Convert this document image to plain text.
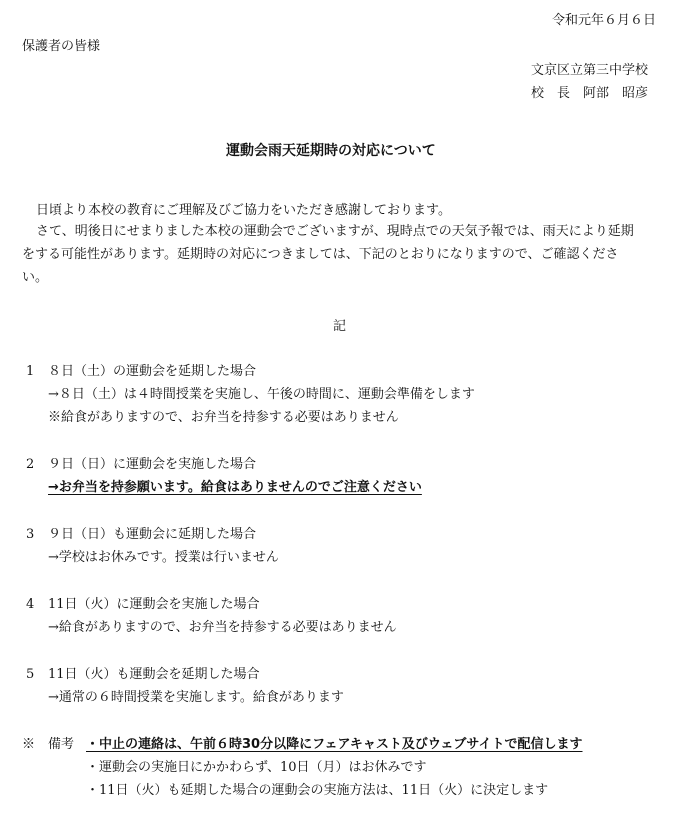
令和元年６月６日
保護者の皆様
文京区立第三中学校
校　長　阿部　昭彦
運動会雨天延期時の対応について
日頃より本校の教育にご理解及びご協力をいただき感謝しております。
さて、明後日にせまりました本校の運動会でございますが、現時点での天気予報では、雨天により延期
をする可能性があります。延期時の対応につきましては、下記のとおりになりますので、ご確認くださ
い。
記
1 ８日（土）の運動会を延期した場合
→８日（土）は４時間授業を実施し、午後の時間に、運動会準備をします
※給食がありますので、お弁当を持参する必要はありません
2 ９日（日）に運動会を実施した場合
→お弁当を持参願います。給食はありませんのでご注意ください
3 ９日（日）も運動会に延期した場合
→学校はお休みです。授業は行いません
4 11日（火）に運動会を実施した場合
→給食がありますので、お弁当を持参する必要はありません
5 11日（火）も運動会を延期した場合
→通常の６時間授業を実施します。給食があります
※　備考 ・中止の連絡は、午前６時30分以降にフェアキャスト及びウェブサイトで配信します
・運動会の実施日にかかわらず、10日（月）はお休みです
・11日（火）も延期した場合の運動会の実施方法は、11日（火）に決定します
